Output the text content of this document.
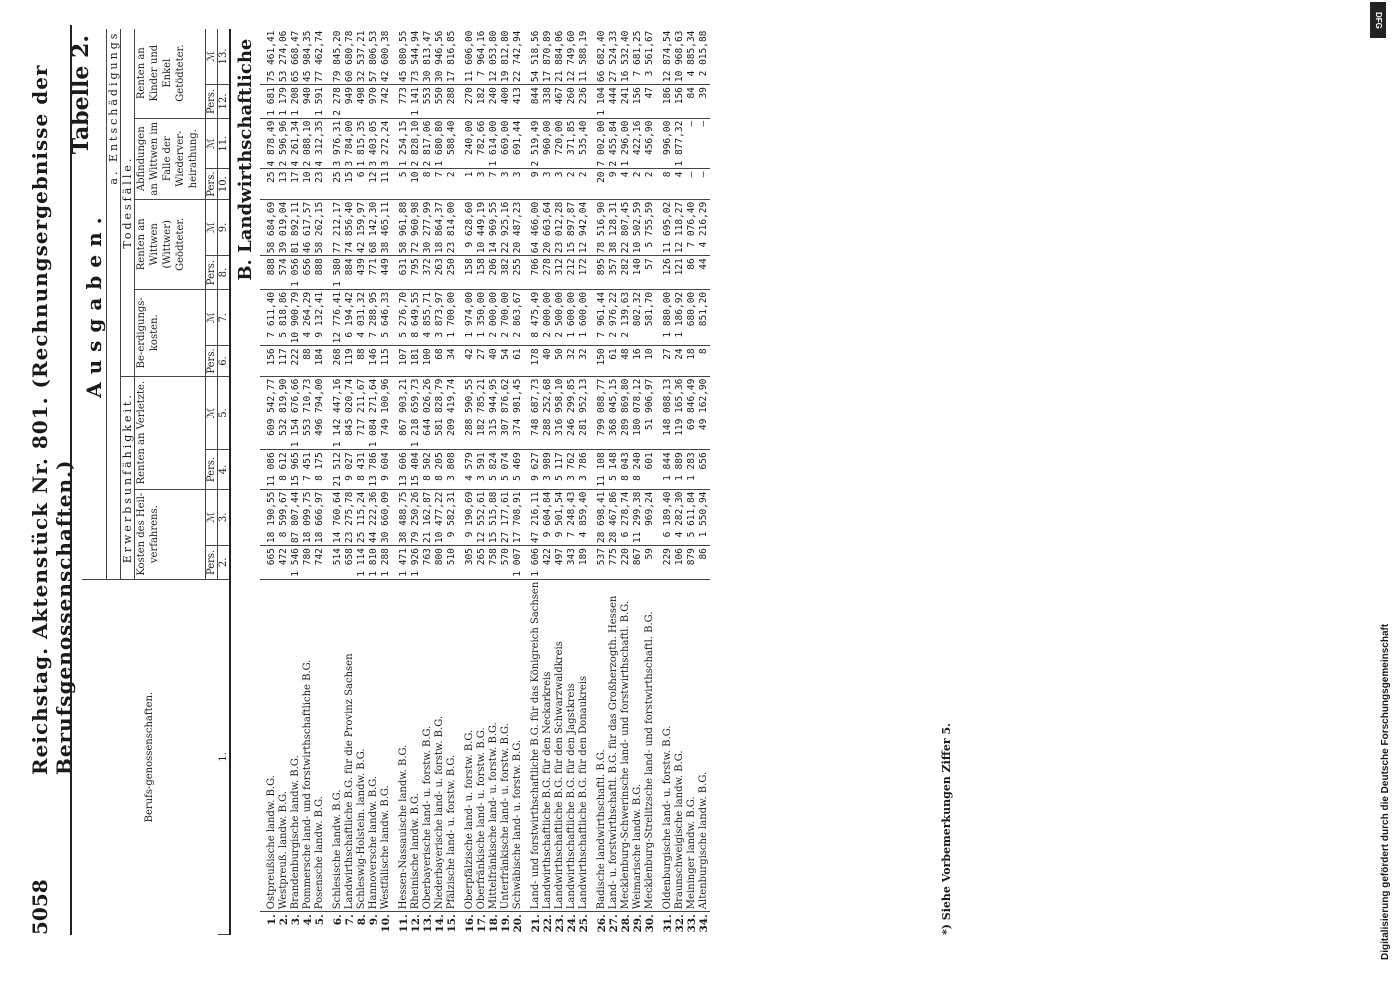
5058
Reichstag. Aktenstück Nr. 801. (Rechnungsergebnisse der Berufsgenossenschaften.)
Tabelle 2.
Berufs-genossenschaften.		Ausgaben.											
		a. Entschädigungs											
		Erwerbsunfähigkeit.				Todesfälle.							
		Kosten des Heil-verfahrens.		Renten an Verletzte.		Be-erdigungs-kosten.		Renten an Wittwen (Wittwer) Geödteter.		Abfindungen an Wittwen im Falle der Wiederver-heirathung.		Renten an Kinder und Enkel Getödteter.	
		Pers.	ℳ	Pers.	ℳ	Pers.	ℳ	Pers.	ℳ	Pers.	ℳ	Pers.	ℳ
1.		2.	3.	4.	5.	6.	7.	8.	9.	10.	11.	12.	13.
B. Landwirthschaftliche													
1.	Ostpreußische landw. B.G.	665	18 190,55	11 086	609 542,77	156	7 611,40	888	58 684,69	25	4 878,49	1 681	75 461,41
2.	Westpreuß. landw. B.G.	472	8 599,67	8 612	532 819,90	117	5 818,86	574	39 019,04	13	2 596,96	1 179	53 274,06
3.	Brandenburgische landw. B.G.	1 546	87 807,44	15 965	1 154 676,66	222	10 900,79	1 056	81 892,11	17	4 261,34	1 208	65 668,47
4.	Pommersche land- und forstwirthschaftliche B.G.	780	18 099,75	7 451	553 710,73	88	4 264,29	656	46 617,57	10	2 088,10	940	45 984,35
5.	Posensche landw. B.G.	742	18 666,97	8 175	496 794,00	184	9 132,41	888	58 262,15	23	4 312,35	1 591	77 462,74
6.	Schlesische landw. B.G.	514	14 760,64	21 512	1 142 447,16	268	12 776,41	1 580	77 212,17	25	3 976,31	2 278	79 845,20
7.	Landwirthschaftliche B.G. für die Provinz Sachsen	658	23 275,78	9 027	845 020,74	119	6 194,42	884	74 856,40	15	3 784,00	949	60 680,78
8.	Schleswig-Holstein. landw. B.G.	1 114	25 115,24	8 431	717 211,67	88	4 031,32	439	42 159,97	6	1 815,35	498	32 537,21
9.	Hannoversche landw. B.G.	1 810	44 222,36	13 786	1 084 271,64	146	7 288,95	771	68 142,30	12	3 403,05	970	57 806,53
10.	Westfälische landw. B.G.	1 288	30 660,09	9 604	749 100,96	115	5 646,33	449	38 465,11	11	3 272,24	742	42 600,38
11.	Hessen-Nassauische landw. B.G.	1 471	38 488,75	13 606	867 903,21	107	5 276,70	631	58 961,88	5	1 254,15	773	45 080,55
12.	Rheinische landw. B.G.	1 926	79 250,26	15 404	1 218 659,73	181	8 649,55	795	72 960,98	10	2 828,10	1 141	73 544,94
13.	Oberbayerische land- u. forstw. B.G.	763	21 162,87	8 502	644 026,26	100	4 855,71	372	30 277,99	8	2 817,06	553	30 813,47
14.	Niederbayerische land- u. forstw. B.G.	800	10 477,22	8 205	581 828,79	68	3 873,97	263	18 864,37	7	1 680,80	550	30 946,56
15.	Pfälzische land- u. forstw. B.G.	510	9 582,31	3 808	209 419,74	34	1 700,00	250	23 814,00	2	588,40	288	17 816,85
16.	Oberpfälzische land- u. forstw. B.G.	305	9 190,69	4 579	288 590,55	42	1 974,00	158	9 628,60	1	240,00	270	11 606,00
17.	Oberfränkische land- u. forstw. B.G.	265	12 552,61	3 591	182 785,21	27	1 350,00	158	10 449,19	3	782,66	182	7 964,16
18.	Mittelfränkische land- u. forstw. B.G.	758	15 515,88	5 824	315 944,95	40	2 000,00	206	14 969,55	7	1 614,00	240	12 053,80
19.	Unterfränkische land- u. forstw. B.G.	570	27 177,61	5 074	307 876,62	54	2 700,00	382	22 925,16	3	669,00	400	19 812,80
20.	Schwäbische land- u. forstw. B.G.	1 007	17 708,91	5 469	374 981,45	61	2 863,67	255	20 487,23	3	691,44	413	22 742,94
21.	Land- und forstwirthschaftliche B.G. für das Königreich Sachsen	1 606	47 216,11	9 627	748 687,73	178	8 475,49	706	64 466,00	9	2 519,49	844	54 518,56
22.	Landwirthschaftliche B.G. für den Neckarkreis	422	9 604,84	3 989	288 252,68	40	2 000,00	278	20 663,64	3	960,00	338	17 870,89
23.	Landwirthschaftliche B.G. für den Schwarzwaldkreis	497	9 501,54	5 117	316 958,10	50	2 500,00	312	23 012,28	3	720,00	467	21 884,06
24.	Landwirthschaftliche B.G. für den Jagstkreis	343	7 248,43	3 762	246 299,85	32	1 600,00	212	15 897,87	2	371,85	260	12 749,60
25.	Landwirthschaftliche B.G. für den Donaukreis	189	4 859,40	3 786	281 952,13	32	1 600,00	172	12 942,04	2	535,40	236	11 588,19
26.	Badische landwirthschaftl. B.G.	537	28 698,41	11 108	799 088,77	150	7 961,44	895	78 516,90	20	7 002,00	1 104	66 682,40
27.	Land- u. forstwirthschaftl. B.G. für das Großherzogth. Hessen	775	28 467,86	5 148	368 045,15	61	2 976,22	357	38 128,31	9	2 455,84	444	27 524,33
28.	Mecklenburg-Schwerinsche land- und forstwirthschaftl. B.G.	220	6 278,74	8 043	289 869,80	48	2 139,63	282	22 807,45	4	1 296,00	241	16 532,40
29.	Weimarische landw. B.G.	867	11 299,38	8 240	180 078,12	16	802,32	140	10 502,59	2	422,16	156	7 681,25
30.	Mecklenburg-Strelitzsche land- und forstwirthschaftl. B.G.	59	969,24	601	51 906,97	10	581,70	57	5 755,59	2	456,90	47	3 561,67
31.	Oldenburgische land- u. forstw. B.G.	229	6 189,40	1 844	148 088,13	27	1 880,00	126	11 695,02	8	996,00	186	12 874,54
32.	Braunschweigische landw. B.G.	106	4 282,30	1 889	119 165,36	24	1 186,92	121	12 118,27	4	1 877,32	156	10 968,63
33.	Meininger landw. B.G.	879	5 611,84	1 283	69 846,49	18	680,00	86	7 076,40	—	—	84	4 885,34
34.	Altenburgische landw. B.G.	86	1 550,94	656	49 162,90	8	851,20	44	4 216,29	—	—	39	2 015,88
*) Siehe Vorbemerkungen Ziffer 5.
DFG
Digitalisierung gefördert durch die Deutsche Forschungsgemeinschaft
